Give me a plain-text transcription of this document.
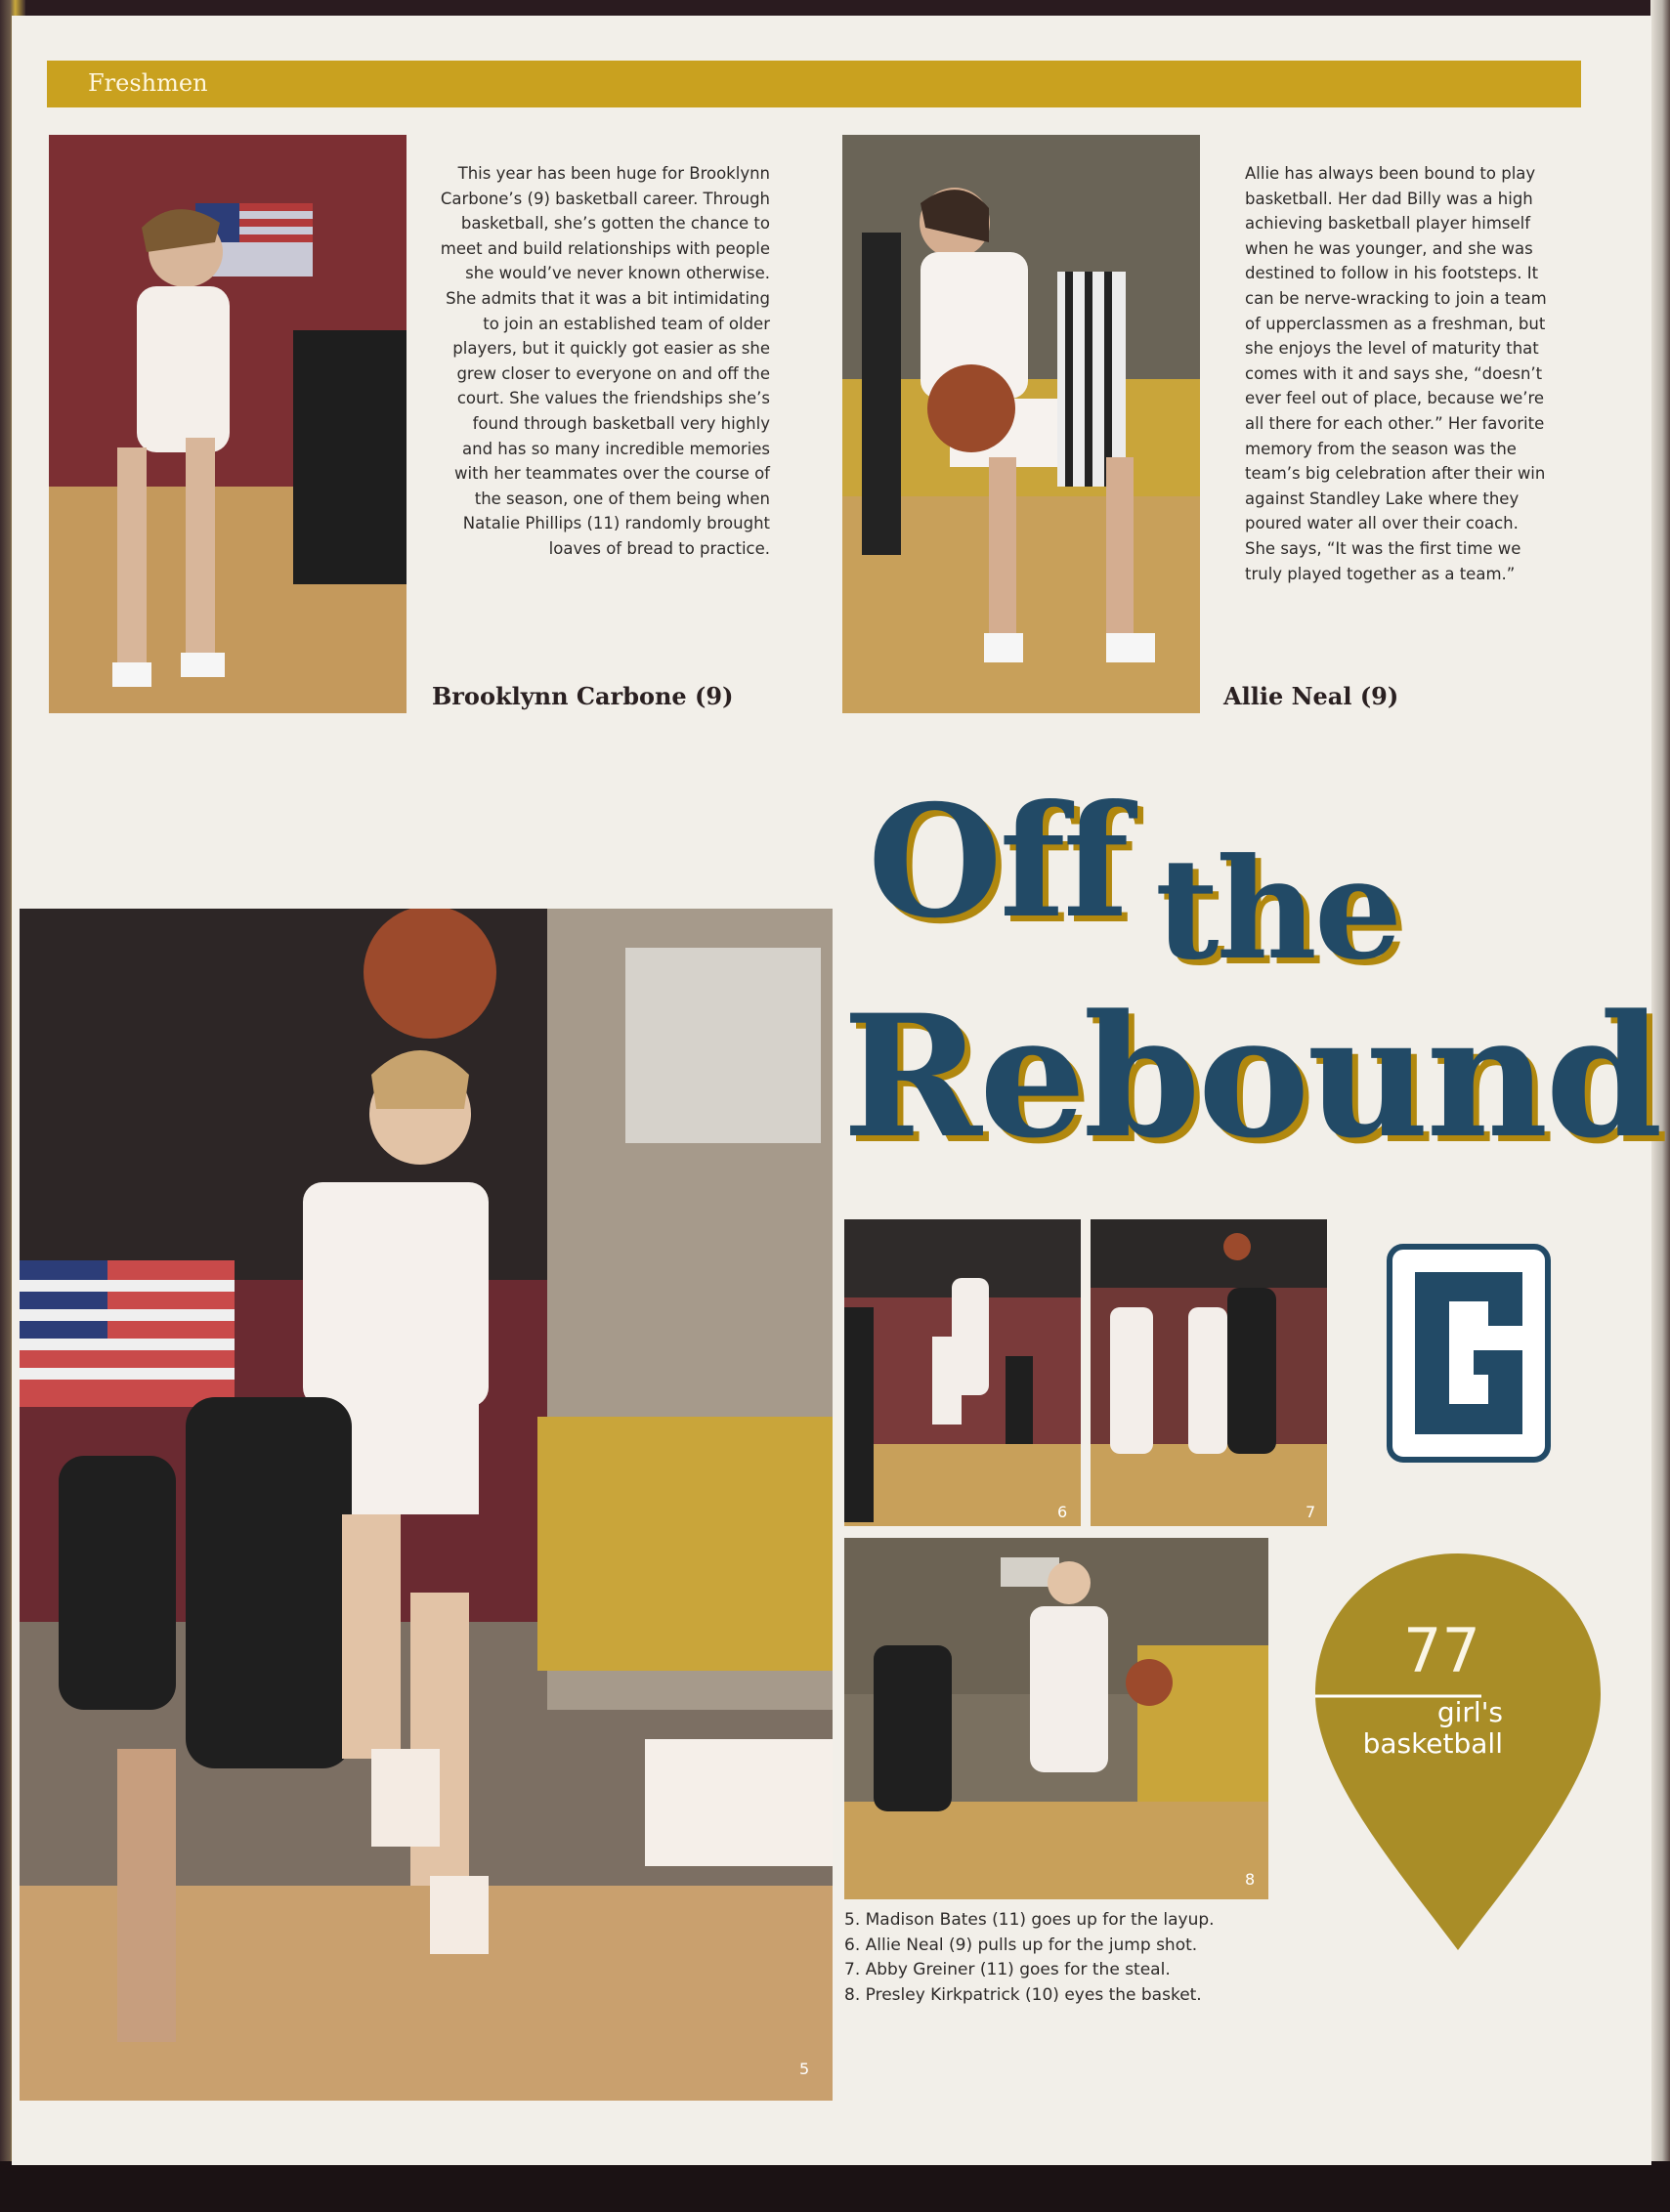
Freshmen
This year has been huge for Brooklynn Carbone’s (9) basketball career. Through basketball, she’s gotten the chance to meet and build relationships with people she would’ve never known otherwise. She admits that it was a bit intimidating to join an established team of older players, but it quickly got easier as she grew closer to everyone on and off the court. She values the friendships she’s found through basketball very highly and has so many incredible memories with her teammates over the course of the season, one of them being when Natalie Phillips (11) randomly brought loaves of bread to practice.
Brooklynn Carbone (9)
Allie has always been bound to play basketball. Her dad Billy was a high achieving basketball player himself when he was younger, and she was destined to follow in his footsteps. It can be nerve-wracking to join a team of upperclassmen as a freshman, but she enjoys the level of maturity that comes with it and says she, “doesn’t ever feel out of place, because we’re all there for each other.” Her favorite memory from the season was the team’s big celebration after their win against Standley Lake where they poured water all over their coach. She says, “It was the first time we truly played together as a team.”
Allie Neal (9)
Off the
Rebound
5
6	7
8
77
girl's
basketball
5. Madison Bates (11) goes up for the layup.
6. Allie Neal (9) pulls up for the jump shot.
7. Abby Greiner (11) goes for the steal.
8. Presley Kirkpatrick (10) eyes the basket.
